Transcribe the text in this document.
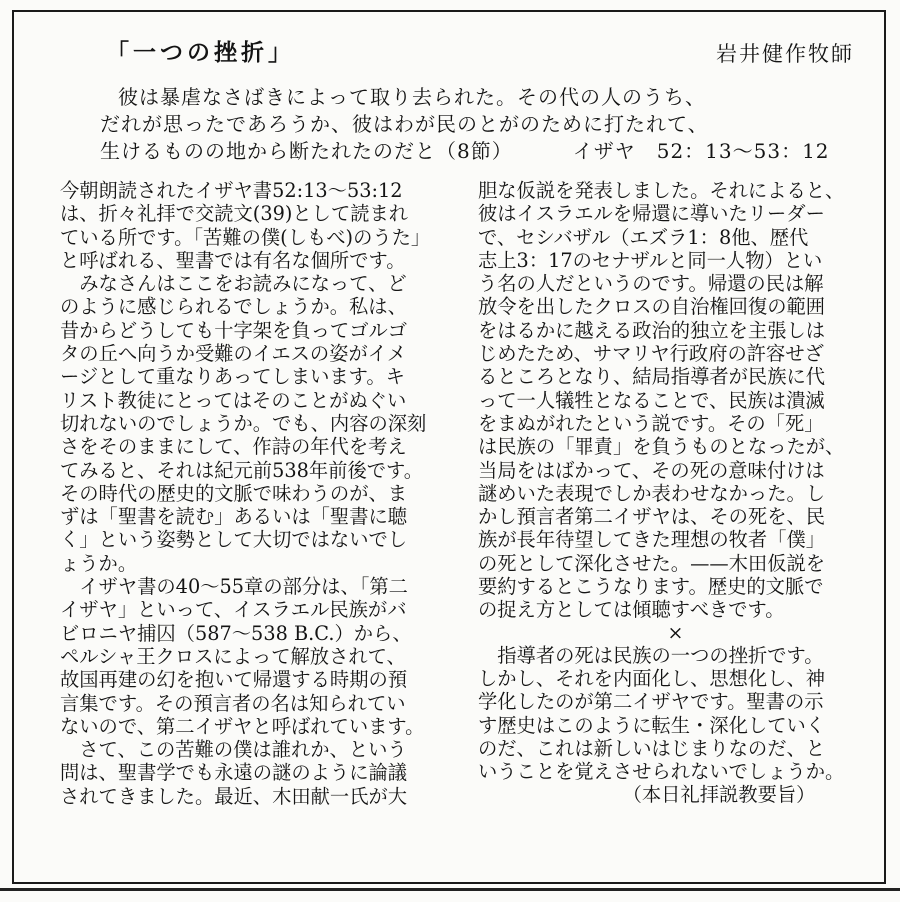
「一つの挫折」	岩井健作牧師
彼は暴虐なさばきによって取り去られた。その代の人のうち、
だれが思ったであろうか、彼はわが民のとがのために打たれて、
生けるものの地から断たれたのだと（8節）	イザヤ　52：13〜53：12

今朝朗読されたイザヤ書52:13〜53:12

は、折々礼拝で交読文(39)として読まれ

ている所です。「苦難の僕(しもべ)のうた」

と呼ばれる、聖書では有名な個所です。

　みなさんはここをお読みになって、ど

のように感じられるでしょうか。私は、

昔からどうしても十字架を負ってゴルゴ

タの丘へ向うか受難のイエスの姿がイメ

ージとして重なりあってしまいます。キ

リスト教徒にとってはそのことがぬぐい

切れないのでしょうか。でも、内容の深刻

さをそのままにして、作詩の年代を考え

てみると、それは紀元前538年前後です。

その時代の歴史的文脈で味わうのが、ま

ずは「聖書を読む」あるいは「聖書に聴

く」という姿勢として大切ではないでし

ょうか。

　イザヤ書の40〜55章の部分は、「第二

イザヤ」といって、イスラエル民族がバ

ビロニヤ捕囚（587〜538 B.C.）から、

ペルシャ王クロスによって解放されて、

故国再建の幻を抱いて帰還する時期の預

言集です。その預言者の名は知られてい

ないので、第二イザヤと呼ばれています。

　さて、この苦難の僕は誰れか、という

問は、聖書学でも永遠の謎のように論議

されてきました。最近、木田献一氏が大

胆な仮説を発表しました。それによると、

彼はイスラエルを帰還に導いたリーダー

で、セシバザル（エズラ1：8他、歴代

志上3：17のセナザルと同一人物）とい

う名の人だというのです。帰還の民は解

放令を出したクロスの自治権回復の範囲

をはるかに越える政治的独立を主張しは

じめたため、サマリヤ行政府の許容せざ

るところとなり、結局指導者が民族に代

って一人犠牲となることで、民族は潰滅

をまぬがれたという説です。その「死」

は民族の「罪責」を負うものとなったが、

当局をはばかって、その死の意味付けは

謎めいた表現でしか表わせなかった。し

かし預言者第二イザヤは、その死を、民

族が長年待望してきた理想の牧者「僕」

の死として深化させた。——木田仮説を

要約するとこうなります。歴史的文脈で

の捉え方としては傾聴すべきです。

×

　指導者の死は民族の一つの挫折です。

しかし、それを内面化し、思想化し、神

学化したのが第二イザヤです。聖書の示

す歴史はこのように転生・深化していく

のだ、これは新しいはじまりなのだ、と

いうことを覚えさせられないでしょうか。

　　　　　　　　（本日礼拝説教要旨）
